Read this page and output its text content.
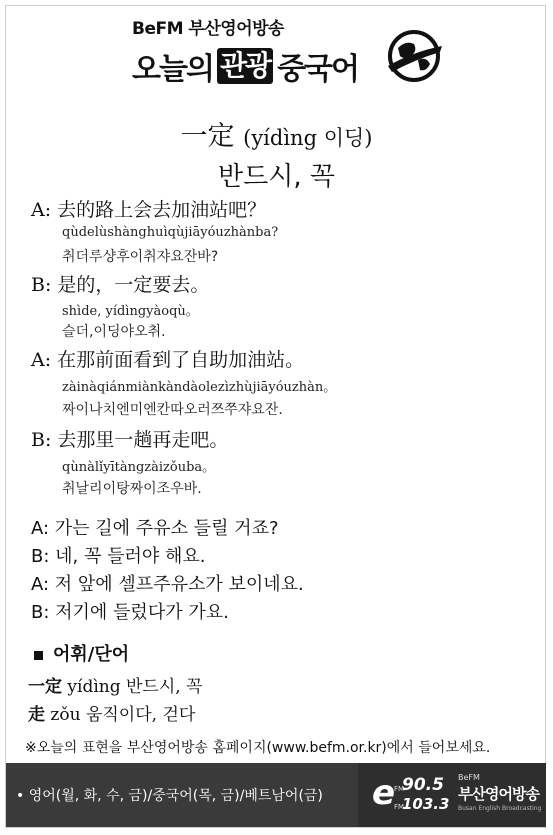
BeFM 부산영어방송
오늘의 관광 중국어
一定 (yídìng 이딩)
반드시, 꼭
A: 去的路上会去加油站吧？
qùdelùshànghuìqùjiāyóuzhànba?
취더루샹후이취쟈요잔바?
B: 是的，一定要去。
shìde, yídìngyàoqù。
슬더,이딩야오취.
A: 在那前面看到了自助加油站。
zàinàqiánmiànkàndàolezìzhùjiāyóuzhàn。
짜이나치엔미엔칸따오러쯔쭈쟈요잔.
B: 去那里一趟再走吧。
qùnàlǐyītàngzàizǒuba。
취날리이탕짜이조우바.
A: 가는 길에 주유소 들릴 거죠?
B: 네, 꼭 들러야 해요.
A: 저 앞에 셀프주유소가 보이네요.
B: 저기에 들렀다가 가요.
어휘/단어
一定 yídìng 반드시, 꼭
走 zǒu 움직이다, 걷다
※오늘의 표현을 부산영어방송 홈페이지(www.befm.or.kr)에서 들어보세요.
• 영어(월, 화, 수, 금)/중국어(목, 금)/베트남어(금) e
FM
90.5
FM
103.3
BeFM
부산영어방송
Busan English Broadcasting
